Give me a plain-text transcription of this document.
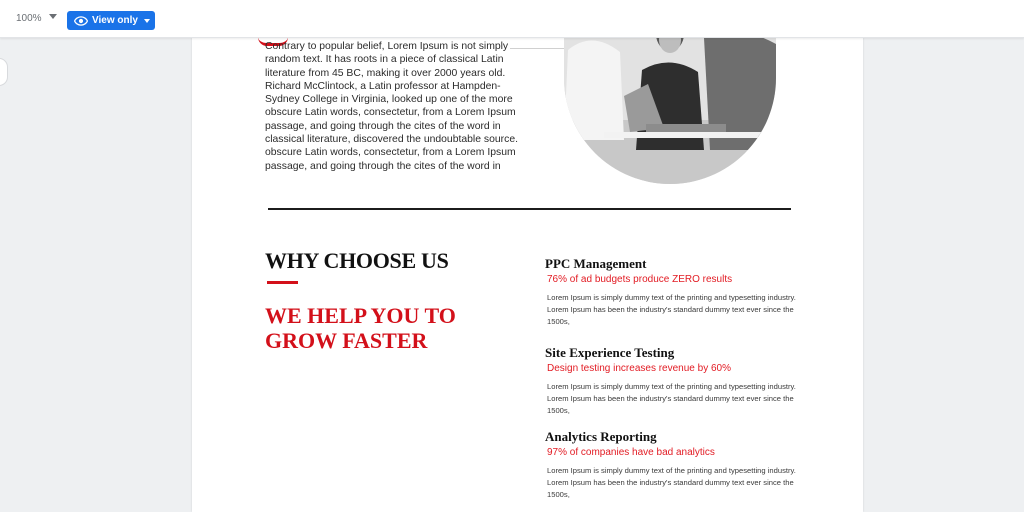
100%	View only

Contrary to popular belief, Lorem Ipsum is not simply random text. It has roots in a piece of classical Latin literature from 45 BC, making it over 2000 years old. Richard McClintock, a Latin professor at Hampden-Sydney College in Virginia, looked up one of the more obscure Latin words, consectetur, from a Lorem Ipsum passage, and going through the cites of the word in classical literature, discovered the undoubtable source. obscure Latin words, consectetur, from a Lorem Ipsum passage, and going through the cites of the word in

WHY CHOOSE US
WE HELP YOU TO
GROW FASTER
PPC Management
76% of ad budgets produce ZERO results
Lorem Ipsum is simply dummy text of the printing and typesetting industry. Lorem Ipsum has been the industry's standard dummy text ever since the 1500s,
Site Experience Testing
Design testing increases revenue by 60%
Lorem Ipsum is simply dummy text of the printing and typesetting industry. Lorem Ipsum has been the industry's standard dummy text ever since the 1500s,
Analytics Reporting
97% of companies have bad analytics
Lorem Ipsum is simply dummy text of the printing and typesetting industry. Lorem Ipsum has been the industry's standard dummy text ever since the 1500s,
